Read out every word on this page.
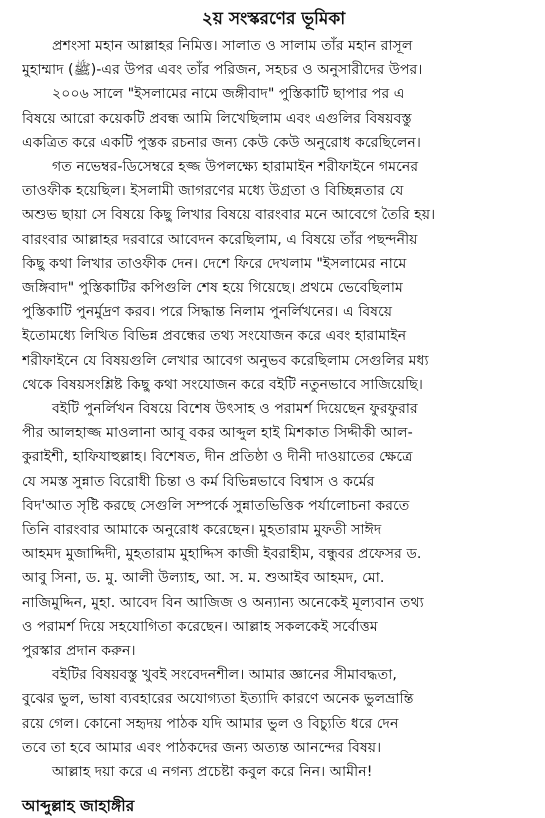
২য় সংস্করণের ভূমিকা
প্রশংসা মহান আল্লাহর নিমিত্ত। সালাত ও সালাম তাঁর মহান রাসূল
মুহাম্মাদ (ﷺ)-এর উপর এবং তাঁর পরিজন, সহচর ও অনুসারীদের উপর।
২০০৬ সালে "ইসলামের নামে জঙ্গীবাদ" পুস্তিকাটি ছাপার পর এ
বিষয়ে আরো কয়েকটি প্রবন্ধ আমি লিখেছিলাম এবং এগুলির বিষয়বস্তু
একত্রিত করে একটি পুস্তক রচনার জন্য কেউ কেউ অনুরোধ করেছিলেন।
গত নভেম্বর-ডিসেম্বরে হজ্জ উপলক্ষ্যে হারামাইন শরীফাইনে গমনের
তাওফীক হয়েছিল। ইসলামী জাগরণের মধ্যে উগ্রতা ও বিচ্ছিন্নতার যে
অশুভ ছায়া সে বিষয়ে কিছু লিখার বিষয়ে বারংবার মনে আবেগে তৈরি হয়।
বারংবার আল্লাহর দরবারে আবেদন করেছিলাম, এ বিষয়ে তাঁর পছন্দনীয়
কিছু কথা লিখার তাওফীক দেন। দেশে ফিরে দেখলাম "ইসলামের নামে
জঙ্গিবাদ" পুস্তিকাটির কপিগুলি শেষ হয়ে গিয়েছে। প্রথমে ভেবেছিলাম
পুস্তিকাটি পুনর্মুদ্রণ করব। পরে সিদ্ধান্ত নিলাম পুনর্লিখনের। এ বিষয়ে
ইতোমধ্যে লিখিত বিভিন্ন প্রবন্ধের তথ্য সংযোজন করে এবং হারামাইন
শরীফাইনে যে বিষয়গুলি লেখার আবেগ অনুভব করেছিলাম সেগুলির মধ্য
থেকে বিষয়সংশ্লিষ্ট কিছু কথা সংযোজন করে বইটি নতুনভাবে সাজিয়েছি।
বইটি পুনর্লিখন বিষয়ে বিশেষ উৎসাহ ও পরামর্শ দিয়েছেন ফুরফুরার
পীর আলহাজ্জ মাওলানা আবূ বকর আব্দুল হাই মিশকাত সিদ্দীকী আল-
কুরাইশী, হাফিযাহুল্লাহ। বিশেষত, দীন প্রতিষ্ঠা ও দীনী দাওয়াতের ক্ষেত্রে
যে সমস্ত সুন্নাত বিরোধী চিন্তা ও কর্ম বিভিন্নভাবে বিশ্বাস ও কর্মের
বিদ'আত সৃষ্টি করছে সেগুলি সম্পর্কে সুন্নাতভিত্তিক পর্যালোচনা করতে
তিনি বারংবার আমাকে অনুরোধ করেছেন। মুহতারাম মুফতী সাঈদ
আহমদ মুজাদ্দিদী, মুহতারাম মুহাদ্দিস কাজী ইবরাহীম, বন্ধুবর প্রফেসর ড.
আবু সিনা, ড. মু. আলী উল্যাহ, আ. স. ম. শুআইব আহমদ, মো.
নাজিমুদ্দিন, মুহা. আবেদ বিন আজিজ ও অন্যান্য অনেকেই মূল্যবান তথ্য
ও পরামর্শ দিয়ে সহযোগিতা করেছেন। আল্লাহ সকলকেই সর্বোত্তম
পুরস্কার প্রদান করুন।
বইটির বিষয়বস্তু খুবই সংবেদনশীল। আমার জ্ঞানের সীমাবদ্ধতা,
বুঝের ভুল, ভাষা ব্যবহারের অযোগ্যতা ইত্যাদি কারণে অনেক ভুলভ্রান্তি
রয়ে গেল। কোনো সহৃদয় পাঠক যদি আমার ভুল ও বিচ্যুতি ধরে দেন
তবে তা হবে আমার এবং পাঠকদের জন্য অত্যন্ত আনন্দের বিষয়।
আল্লাহ দয়া করে এ নগন্য প্রচেষ্টা কবুল করে নিন। আমীন!
আব্দুল্লাহ জাহাঙ্গীর
